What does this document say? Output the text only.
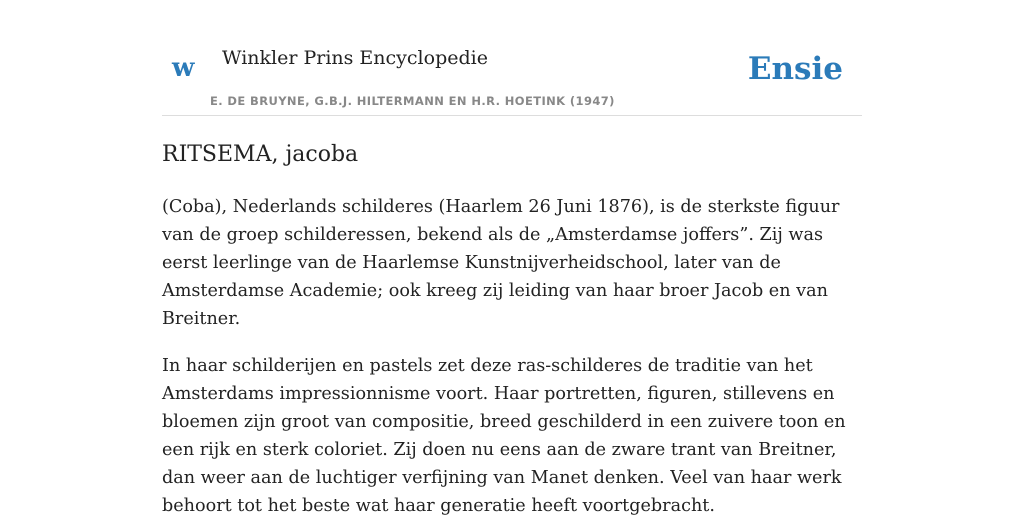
w Winkler Prins Encyclopedie
E. DE BRUYNE, G.B.J. HILTERMANN EN H.R. HOETINK (1947)
Ensie
RITSEMA, jacoba

(Coba), Nederlands schilderes (Haarlem 26 Juni 1876), is de sterkste figuur van de groep schilderessen, bekend als de „Amsterdamse joffers”. Zij was eerst leerlinge van de Haarlemse Kunstnijverheidschool, later van de Amsterdamse Academie; ook kreeg zij leiding van haar broer Jacob en van Breitner.

In haar schilderijen en pastels zet deze ras-schilderes de traditie van het Amsterdams impressionnisme voort. Haar portretten, figuren, stillevens en bloemen zijn groot van compositie, breed geschilderd in een zuivere toon en een rijk en sterk coloriet. Zij doen nu eens aan de zware trant van Breitner, dan weer aan de luchtiger verfijning van Manet denken. Veel van haar werk behoort tot het beste wat haar generatie heeft voortgebracht.
